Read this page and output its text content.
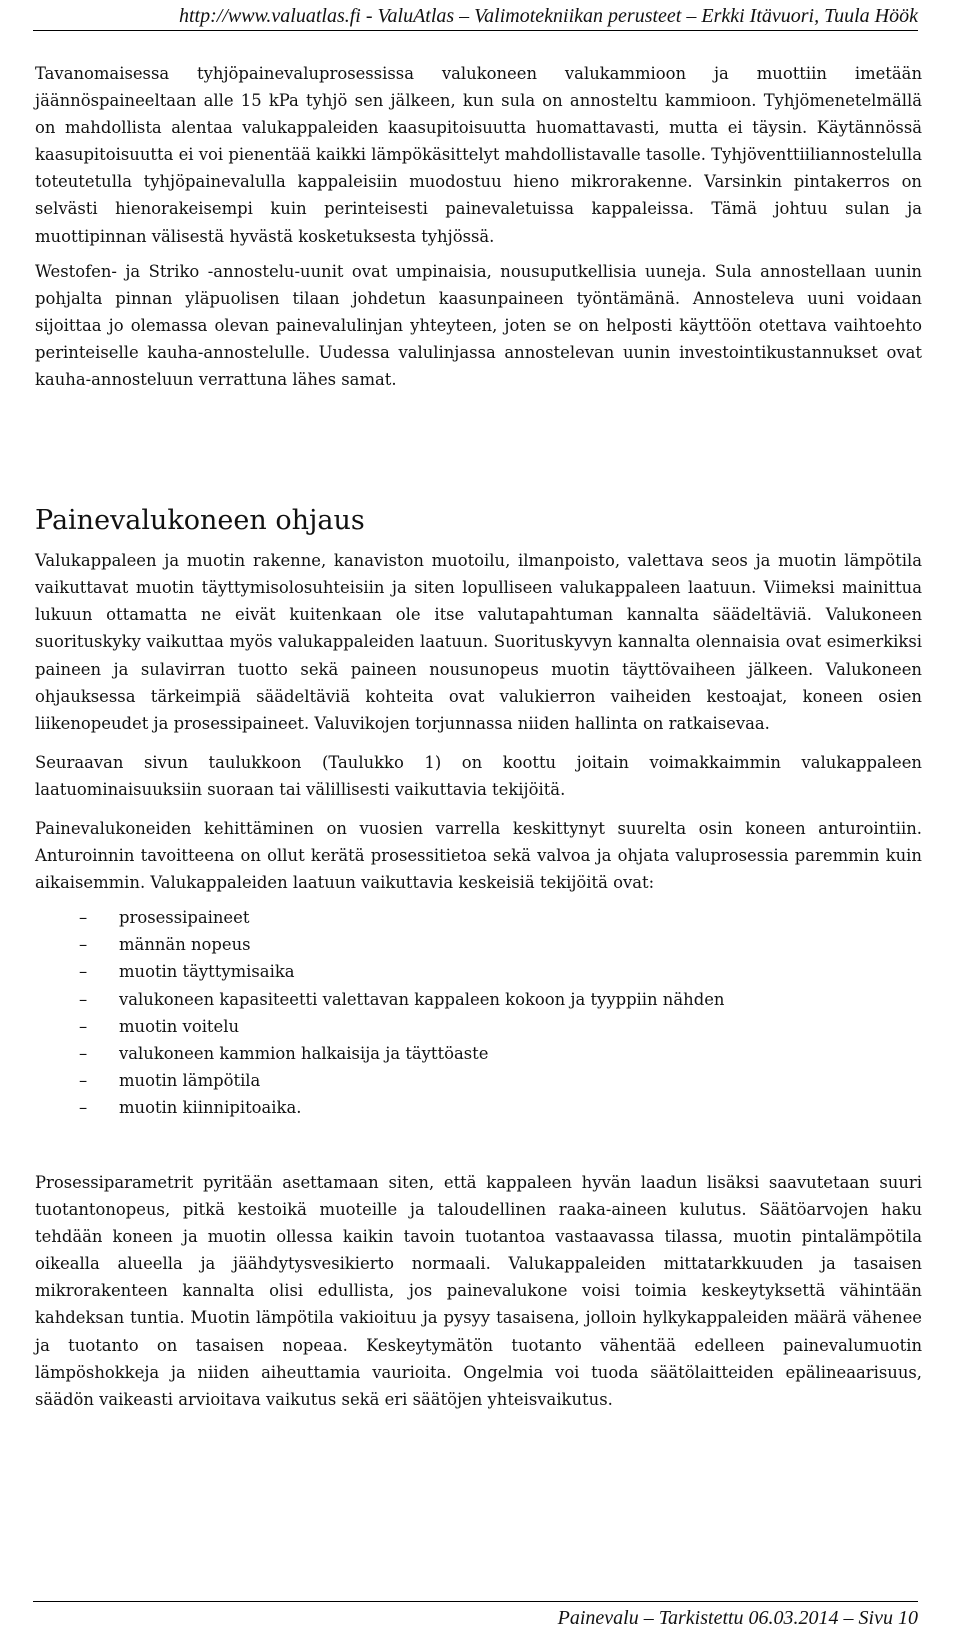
http://www.valuatlas.fi - ValuAtlas – Valimotekniikan perusteet – Erkki Itävuori, Tuula Höök

Tavanomaisessa tyhjöpainevaluprosessissa valukoneen valukammioon ja muottiin imetään jäännöspaineeltaan alle 15 kPa tyhjö sen jälkeen, kun sula on annosteltu kammioon. Tyhjömenetelmällä on mahdollista alentaa valukappaleiden kaasupitoisuutta huomattavasti, mutta ei täysin. Käytännössä kaasupitoisuutta ei voi pienentää kaikki lämpökäsittelyt mahdollistavalle tasolle. Tyhjöventtiiliannostelulla toteutetulla tyhjöpainevalulla kappaleisiin muodostuu hieno mikrorakenne. Varsinkin pintakerros on selvästi hienorakeisempi kuin perinteisesti painevaletuissa kappaleissa. Tämä johtuu sulan ja muottipinnan välisestä hyvästä kosketuksesta tyhjössä.

Westofen- ja Striko -annostelu-uunit ovat umpinaisia, nousuputkellisia uuneja. Sula annostellaan uunin pohjalta pinnan yläpuolisen tilaan johdetun kaasunpaineen työntämänä. Annosteleva uuni voidaan sijoittaa jo olemassa olevan painevalulinjan yhteyteen, joten se on helposti käyttöön otettava vaihtoehto perinteiselle kauha-annostelulle. Uudessa valulinjassa annostelevan uunin investointikustannukset ovat kauha-annosteluun verrattuna lähes samat.

Painevalukoneen ohjaus

Valukappaleen ja muotin rakenne, kanaviston muotoilu, ilmanpoisto, valettava seos ja muotin lämpötila vaikuttavat muotin täyttymisolosuhteisiin ja siten lopulliseen valukappaleen laatuun. Viimeksi mainittua lukuun ottamatta ne eivät kuitenkaan ole itse valutapahtuman kannalta säädeltäviä. Valukoneen suorituskyky vaikuttaa myös valukappaleiden laatuun. Suorituskyvyn kannalta olennaisia ovat esimerkiksi paineen ja sulavirran tuotto sekä paineen nousunopeus muotin täyttövaiheen jälkeen. Valukoneen ohjauksessa tärkeimpiä säädeltäviä kohteita ovat valukierron vaiheiden kestoajat, koneen osien liikenopeudet ja prosessipaineet. Valuvikojen torjunnassa niiden hallinta on ratkaisevaa.

Seuraavan sivun taulukkoon (Taulukko 1) on koottu joitain voimakkaimmin valukappaleen laatuominaisuuksiin suoraan tai välillisesti vaikuttavia tekijöitä.

Painevalukoneiden kehittäminen on vuosien varrella keskittynyt suurelta osin koneen anturointiin. Anturoinnin tavoitteena on ollut kerätä prosessitietoa sekä valvoa ja ohjata valuprosessia paremmin kuin aikaisemmin. Valukappaleiden laatuun vaikuttavia keskeisiä tekijöitä ovat:

– prosessipaineet
– männän nopeus
– muotin täyttymisaika
– valukoneen kapasiteetti valettavan kappaleen kokoon ja tyyppiin nähden
– muotin voitelu
– valukoneen kammion halkaisija ja täyttöaste
– muotin lämpötila
– muotin kiinnipitoaika.

Prosessiparametrit pyritään asettamaan siten, että kappaleen hyvän laadun lisäksi saavutetaan suuri tuotantonopeus, pitkä kestoikä muoteille ja taloudellinen raaka-aineen kulutus. Säätöarvojen haku tehdään koneen ja muotin ollessa kaikin tavoin tuotantoa vastaavassa tilassa, muotin pintalämpötila oikealla alueella ja jäähdytysvesikierto normaali. Valukappaleiden mittatarkkuuden ja tasaisen mikrorakenteen kannalta olisi edullista, jos painevalukone voisi toimia keskeytyksettä vähintään kahdeksan tuntia. Muotin lämpötila vakioituu ja pysyy tasaisena, jolloin hylkykappaleiden määrä vähenee ja tuotanto on tasaisen nopeaa. Keskeytymätön tuotanto vähentää edelleen painevalumuotin lämpöshokkeja ja niiden aiheuttamia vaurioita. Ongelmia voi tuoda säätölaitteiden epälineaarisuus, säädön vaikeasti arvioitava vaikutus sekä eri säätöjen yhteisvaikutus.

Painevalu – Tarkistettu 06.03.2014 – Sivu 10
